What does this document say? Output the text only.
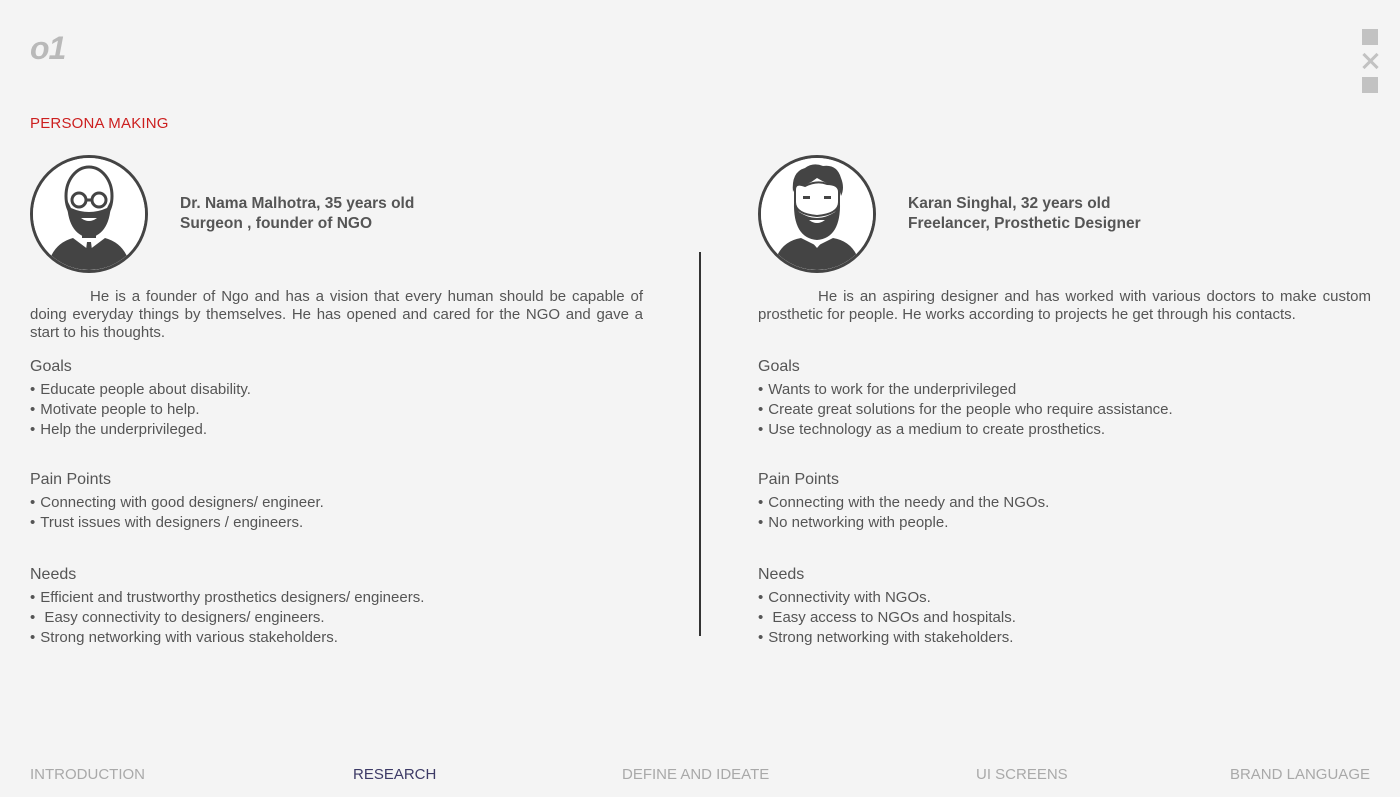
o1
PERSONA MAKING
Dr. Nama Malhotra, 35 years old
Surgeon , founder of NGO

He is a founder of Ngo and has a vision that every human should be capable of doing everyday things by themselves. He has opened and cared for the NGO and gave a start to his thoughts.

Goals
• Educate people about disability.
• Motivate people to help.
• Help the underprivileged.
Pain Points
• Connecting with good designers/ engineer.
• Trust issues with designers / engineers.
Needs
• Efficient and trustworthy prosthetics designers/ engineers.
• Easy connectivity to designers/ engineers.
• Strong networking with various stakeholders.
Karan Singhal, 32 years old
Freelancer, Prosthetic Designer

He is an aspiring designer and has worked with various doctors to make custom prosthetic for people. He works according to projects he get through his contacts.

Goals
• Wants to work for the underprivileged
• Create great solutions for the people who require assistance.
• Use technology as a medium to create prosthetics.
Pain Points
• Connecting with the needy and the NGOs.
• No networking with people.
Needs
• Connectivity with NGOs.
• Easy access to NGOs and hospitals.
• Strong networking with stakeholders.
INTRODUCTION	RESEARCH	DEFINE AND IDEATE	UI SCREENS	BRAND LANGUAGE
